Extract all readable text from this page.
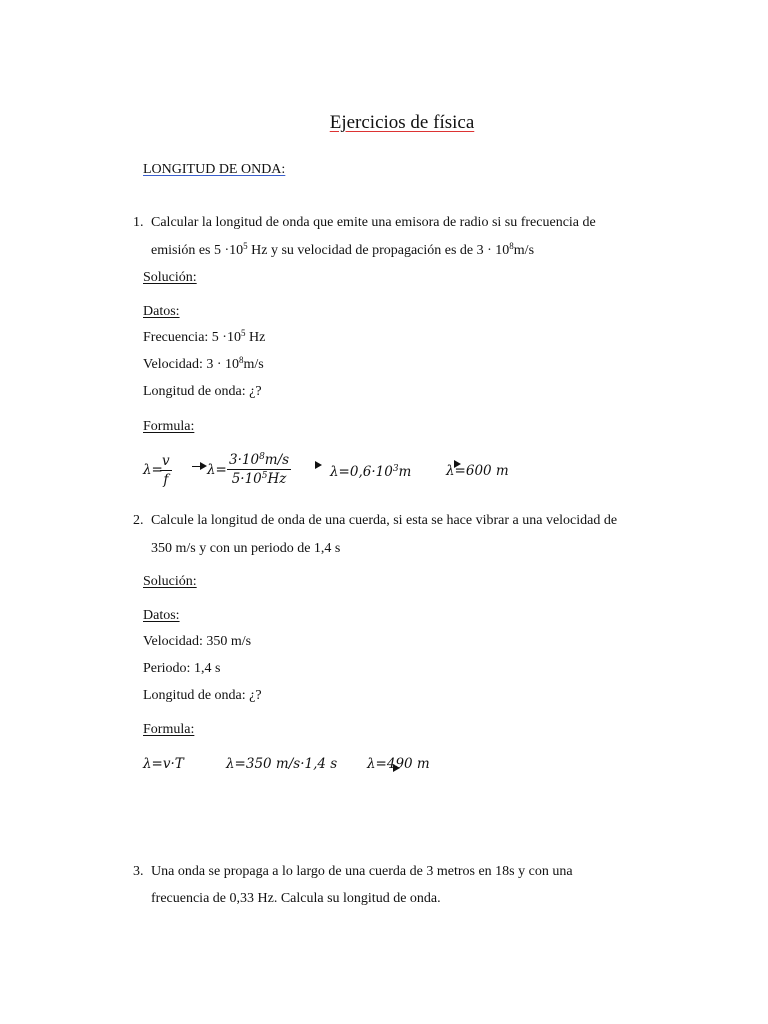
Ejercicios de física
LONGITUD DE ONDA:
1. Calcular la longitud de onda que emite una emisora de radio si su frecuencia de
emisión es $5 \cdot 10^5$ Hz y su velocidad de propagación es de $3 \cdot 10^8m/s$
Solución:
Datos:
Frecuencia: $5 \cdot 10^5$ Hz
Velocidad: $3 \cdot 10^8m/s$
Longitud de onda: ¿?
Formula:
λ=
$\frac{v}{f}$	$\lambda= \frac{3\cdot 10^8m/s}{5\cdot 10^5Hz}$	$\lambda=0,6\cdot 10^3m$	λ=600 m
2. Calcule la longitud de onda de una cuerda, si esta se hace vibrar a una velocidad de
350 m/s y con un periodo de 1,4 s
Solución:
Datos:
Velocidad: 350 m/s
Periodo: 1,4 s
Longitud de onda: ¿?
Formula:
λ=v·T	λ=350 m/s·1,4 s λ=490 m
3. Una onda se propaga a lo largo de una cuerda de 3 metros en 18s y con una
frecuencia de 0,33 Hz. Calcula su longitud de onda.
